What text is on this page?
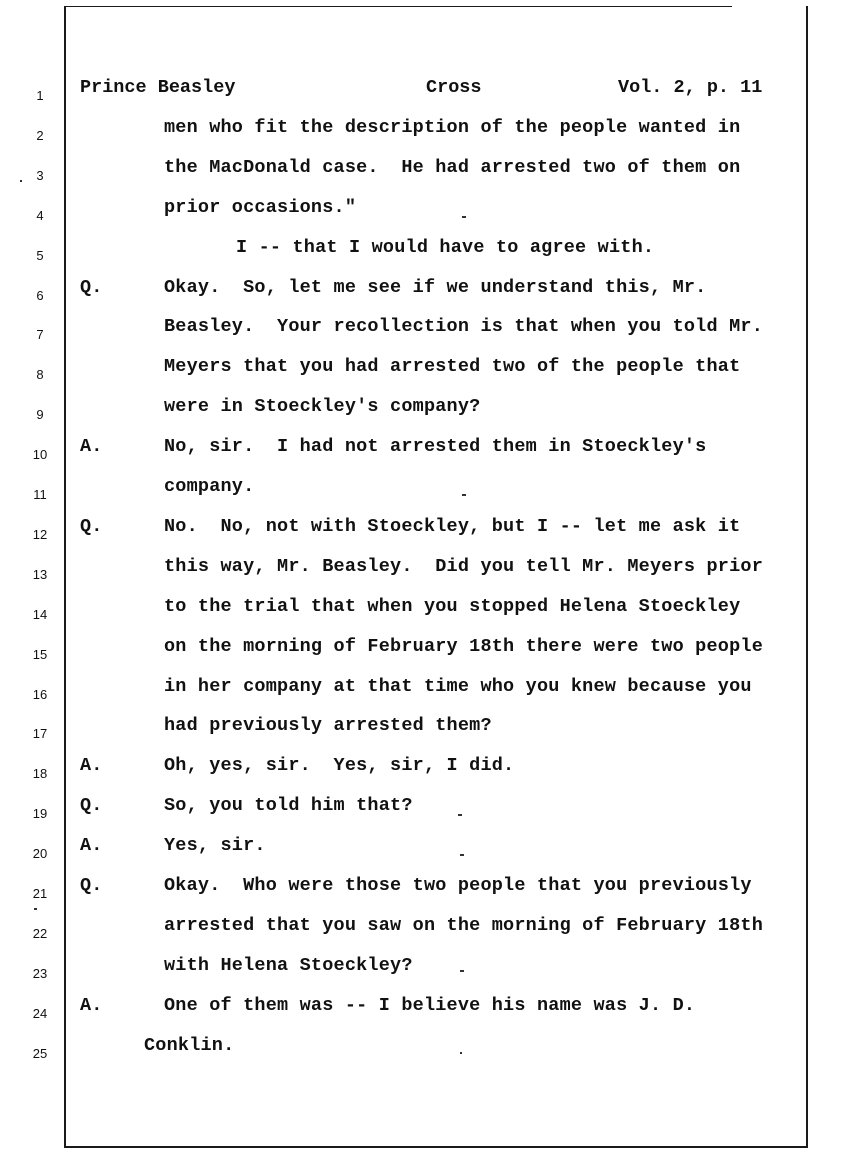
1
2
3
4
5
6
7
8
9
10
11
12
13
14
15
16
17
18
19
20
21
22
23
24
25
Prince Beasley	Cross	Vol. 2, p. 11
men who fit the description of the people wanted in
the MacDonald case.  He had arrested two of them on
prior occasions."
I -- that I would have to agree with.
Q.	Okay.  So, let me see if we understand this, Mr.
Beasley.  Your recollection is that when you told Mr.
Meyers that you had arrested two of the people that
were in Stoeckley's company?
A.	No, sir.  I had not arrested them in Stoeckley's
company.
Q.	No.  No, not with Stoeckley, but I -- let me ask it
this way, Mr. Beasley.  Did you tell Mr. Meyers prior
to the trial that when you stopped Helena Stoeckley
on the morning of February 18th there were two people
in her company at that time who you knew because you
had previously arrested them?
A.	Oh, yes, sir.  Yes, sir, I did.
Q.	So, you told him that?
A.	Yes, sir.
Q.	Okay.  Who were those two people that you previously
arrested that you saw on the morning of February 18th
with Helena Stoeckley?
A.	One of them was -- I believe his name was J. D.
Conklin.
